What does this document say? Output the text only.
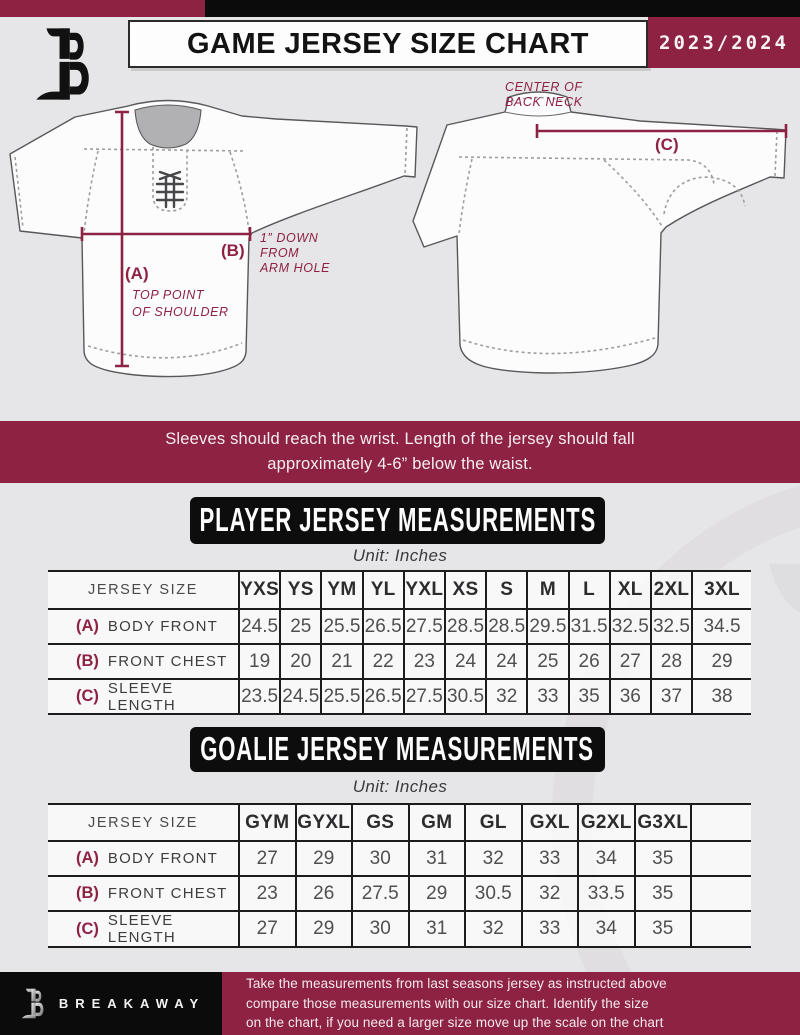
GAME JERSEY SIZE CHART	2023/2024
(A)
TOP POINT
OF SHOULDER
(B)
1” DOWN
FROM
ARM HOLE
(C)
CENTER OF
BACK NECK
Sleeves should reach the wrist. Length of the jersey should fall
approximately 4-6” below the waist.
PLAYER JERSEY MEASUREMENTS
Unit: Inches
JERSEY SIZE	YXS YS YM YL YXL XS	S	M	L	XL 2XL 3XL
(A) BODY FRONT 24.5 25 25.5 26.5 27.5 28.5 28.5 29.5 31.5 32.5 32.5 34.5
(B) FRONT CHEST	19	20	21	22	23	24	24	25	26	27	28	29
(C) SLEEVE LENGTH	23.5 24.5 25.5 26.5 27.5 30.5 32	33	35	36	37	38
GOALIE JERSEY MEASUREMENTS
Unit: Inches
JERSEY SIZE	GYM GYXL GS	GM	GL	GXL G2XL G3XL
(A) BODY FRONT	27	29	30	31	32	33	34	35
(B) FRONT CHEST	23	26	27.5	29	30.5	32	33.5	35
(C) SLEEVE LENGTH	27	29	30	31	32	33	34	35
BREAKAWAY
Take the measurements from last seasons jersey as instructed above
compare those measurements with our size chart. Identify the size
on the chart, if you need a larger size move up the scale on the chart
